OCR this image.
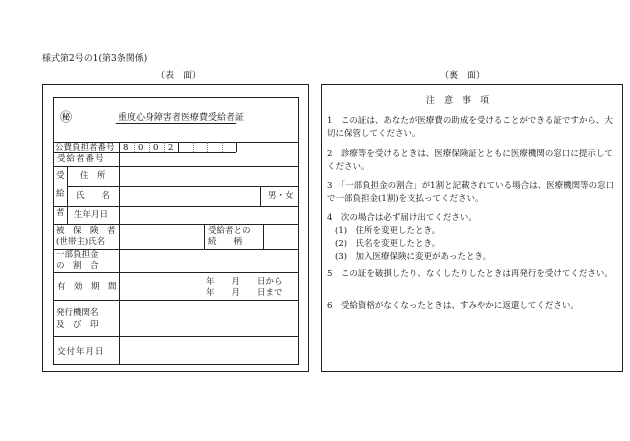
様式第2号の1(第3条関係)
（表　面）	（裏　面）
㊙	重度心身障害者医療費受給者証
8 0 0 2
公費負担者番号
受給者番号
受
給
者
住　所
氏　　名	男・女
生年月日
被　保　険　者
(世帯主)氏名
受給者との
続　　柄
一部負担金
の　割　合
有　効　期　間	年　　月　　日から
年　　月　　日まで
発行機関名
及　び　印
交付年月日
注　意　事　項

1　この証は、あなたが医療費の助成を受けることができる証ですから、大切に保管してください。

2　診療等を受けるときは、医療保険証とともに医療機関の窓口に提示してください。

3　「一部負担金の割合」が1割と記載されている場合は、医療機関等の窓口で一部負担金(1割)を支払ってください。

4　次の場合は必ず届け出てください。

(1)　住所を変更したとき。

(2)　氏名を変更したとき。

(3)　加入医療保険に変更があったとき。

5　この証を破損したり、なくしたりしたときは再発行を受けてください。

6　受給資格がなくなったときは、すみやかに返還してください。
